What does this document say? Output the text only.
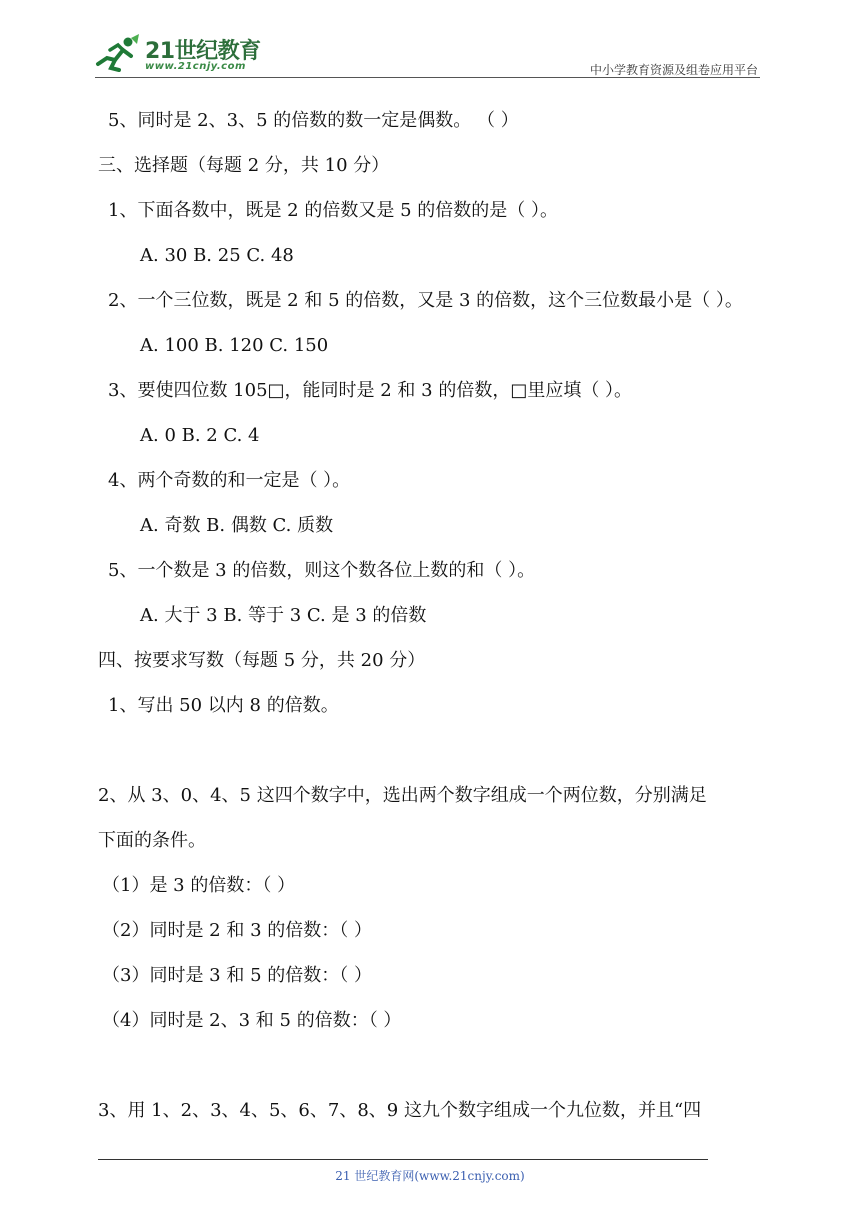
21世纪教育
www.21cnjy.com	中小学教育资源及组卷应用平台
5、同时是 2、3、5 的倍数的数一定是偶数。 （ ）
三、选择题（每题 2 分，共 10 分）
1、下面各数中，既是 2 的倍数又是 5 的倍数的是（ ）。
A. 30 B. 25 C. 48
2、一个三位数，既是 2 和 5 的倍数，又是 3 的倍数，这个三位数最小是（ ）。
A. 100 B. 120 C. 150
3、要使四位数 105□，能同时是 2 和 3 的倍数，□里应填（ ）。
A. 0 B. 2 C. 4
4、两个奇数的和一定是（ ）。
A. 奇数 B. 偶数 C. 质数
5、一个数是 3 的倍数，则这个数各位上数的和（ ）。
A. 大于 3 B. 等于 3 C. 是 3 的倍数
四、按要求写数（每题 5 分，共 20 分）
1、写出 50 以内 8 的倍数。
2、从 3、0、4、5 这四个数字中，选出两个数字组成一个两位数，分别满足
下面的条件。
（1）是 3 的倍数：（ ）
（2）同时是 2 和 3 的倍数：（ ）
（3）同时是 3 和 5 的倍数：（ ）
（4）同时是 2、3 和 5 的倍数：（ ）
3、用 1、2、3、4、5、6、7、8、9 这九个数字组成一个九位数，并且“四
21 世纪教育网(www.21cnjy.com)
